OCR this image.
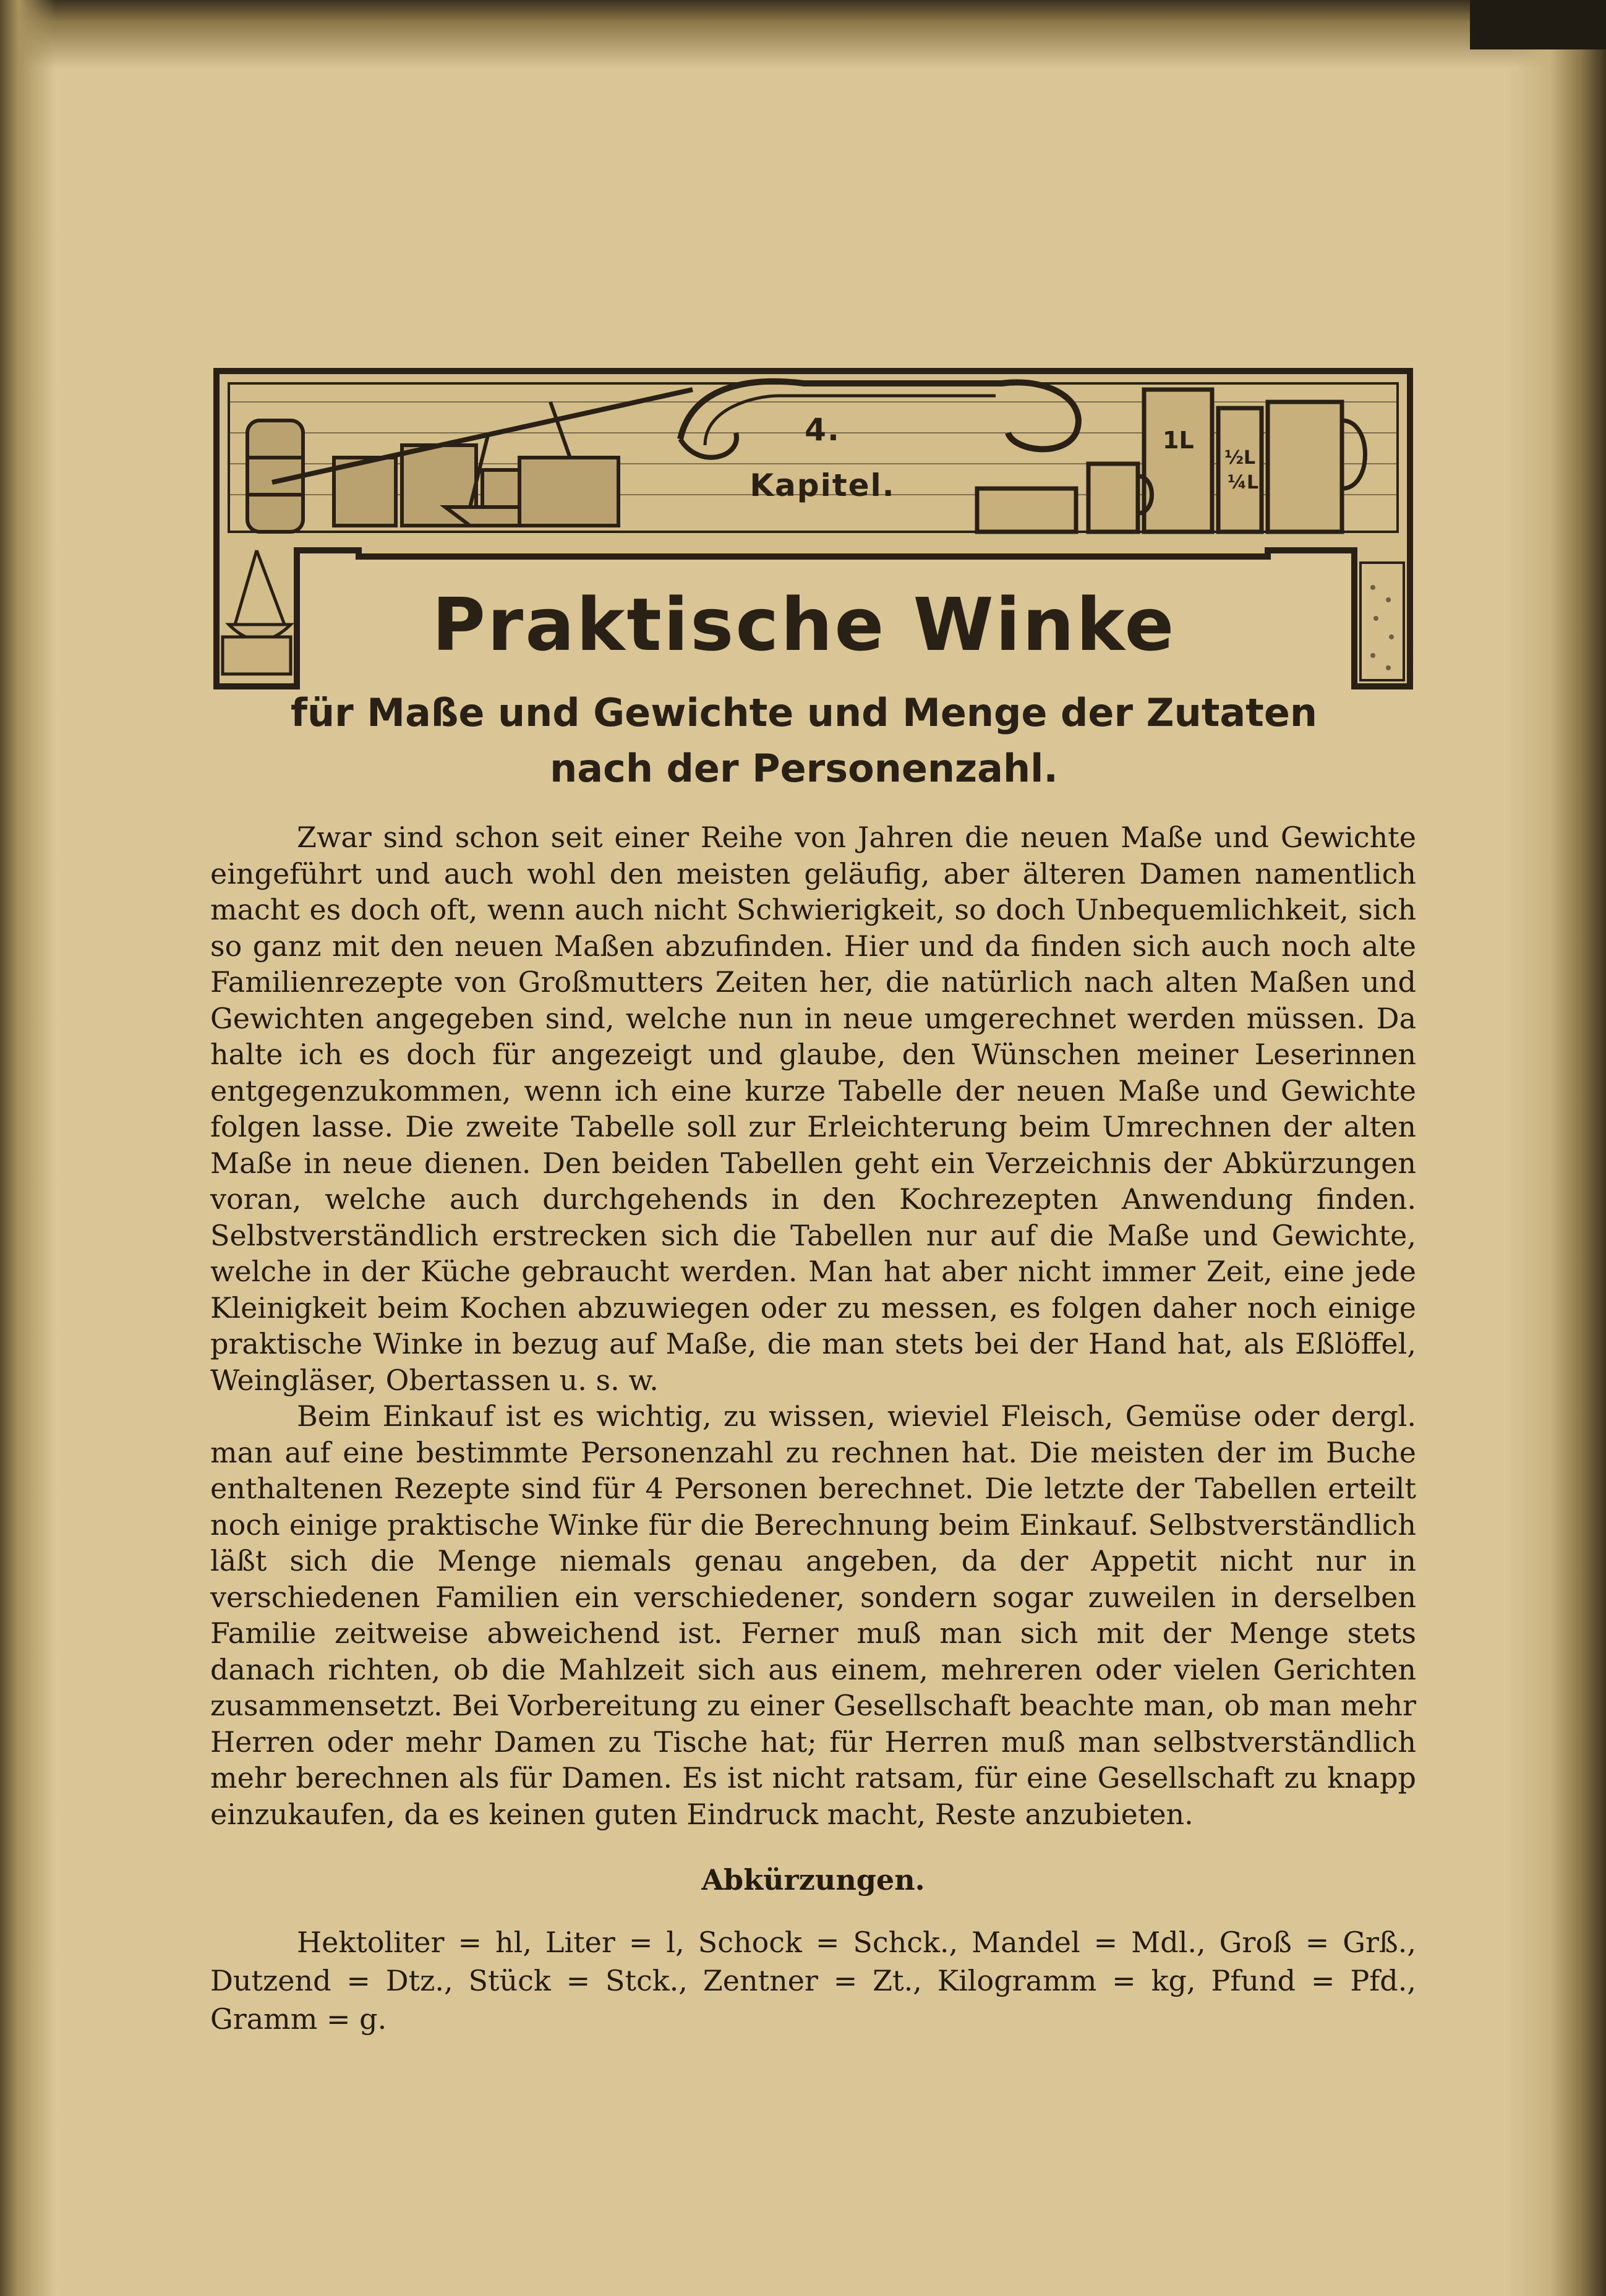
1L
½L
¼L
4. Kapitel.
Praktische Winke
für Maße und Gewichte und Menge der Zutaten
nach der Personenzahl.

Zwar sind schon seit einer Reihe von Jahren die neuen Maße und Gewichte eingeführt und auch wohl den meisten geläufig, aber älteren Damen namentlich macht es doch oft, wenn auch nicht Schwierigkeit, so doch Unbequemlichkeit, sich so ganz mit den neuen Maßen abzufinden. Hier und da finden sich auch noch alte Familienrezepte von Großmutters Zeiten her, die natürlich nach alten Maßen und Gewichten angegeben sind, welche nun in neue umgerechnet werden müssen. Da halte ich es doch für angezeigt und glaube, den Wünschen meiner Leserinnen entgegenzukommen, wenn ich eine kurze Tabelle der neuen Maße und Gewichte folgen lasse. Die zweite Tabelle soll zur Erleichterung beim Umrechnen der alten Maße in neue dienen. Den beiden Tabellen geht ein Verzeichnis der Abkürzungen voran, welche auch durchgehends in den Kochrezepten Anwendung finden. Selbstverständlich erstrecken sich die Tabellen nur auf die Maße und Gewichte, welche in der Küche gebraucht werden. Man hat aber nicht immer Zeit, eine jede Kleinigkeit beim Kochen abzuwiegen oder zu messen, es folgen daher noch einige praktische Winke in bezug auf Maße, die man stets bei der Hand hat, als Eßlöffel, Weingläser, Obertassen u. s. w.

Beim Einkauf ist es wichtig, zu wissen, wieviel Fleisch, Gemüse oder dergl. man auf eine bestimmte Personenzahl zu rechnen hat. Die meisten der im Buche enthaltenen Rezepte sind für 4 Personen berechnet. Die letzte der Tabellen erteilt noch einige praktische Winke für die Berechnung beim Einkauf. Selbstverständlich läßt sich die Menge niemals genau angeben, da der Appetit nicht nur in verschiedenen Familien ein verschiedener, sondern sogar zuweilen in derselben Familie zeitweise abweichend ist. Ferner muß man sich mit der Menge stets danach richten, ob die Mahlzeit sich aus einem, mehreren oder vielen Gerichten zusammensetzt. Bei Vorbereitung zu einer Gesellschaft beachte man, ob man mehr Herren oder mehr Damen zu Tische hat; für Herren muß man selbstverständlich mehr berechnen als für Damen. Es ist nicht ratsam, für eine Gesellschaft zu knapp einzukaufen, da es keinen guten Eindruck macht, Reste anzubieten.

Abkürzungen.

Hektoliter = hl, Liter = l, Schock = Schck., Mandel = Mdl., Groß = Grß., Dutzend = Dtz., Stück = Stck., Zentner = Zt., Kilogramm = kg, Pfund = Pfd., Gramm = g.
